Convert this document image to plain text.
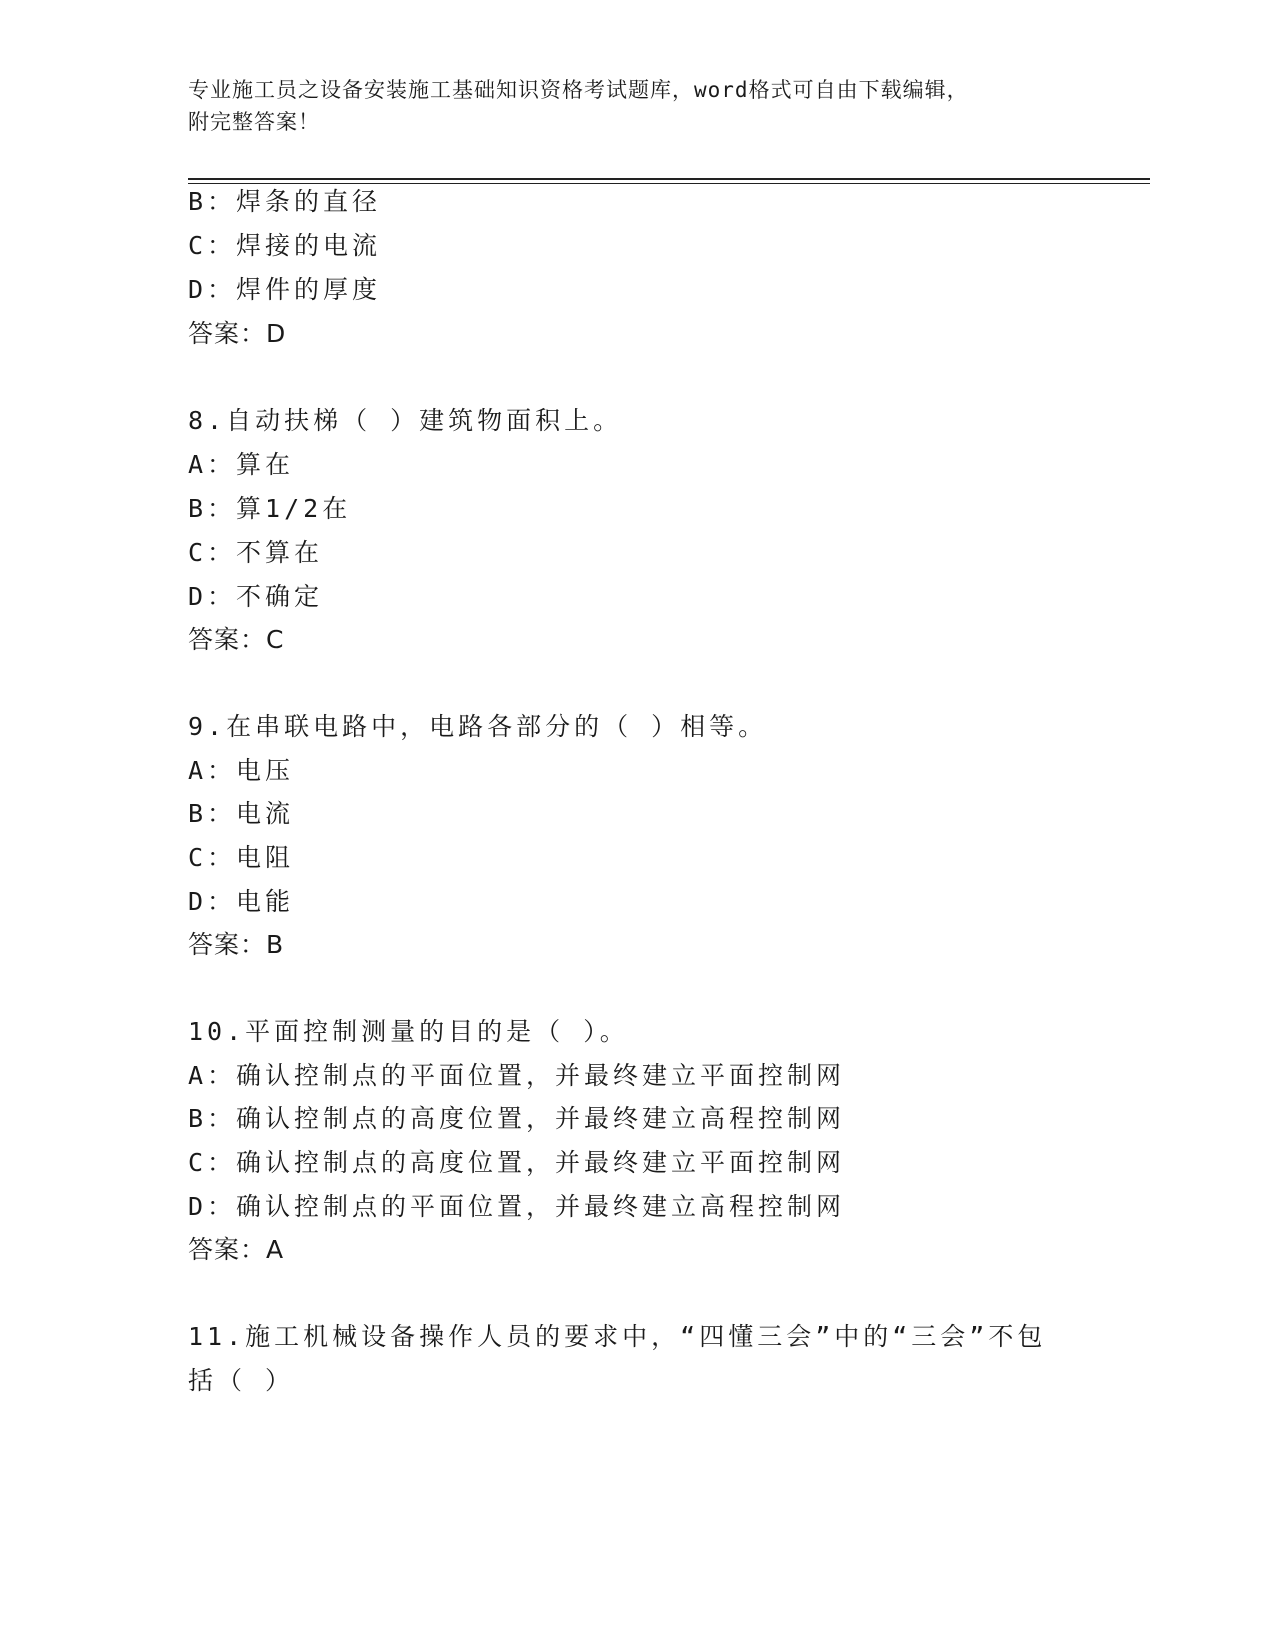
专业施工员之设备安装施工基础知识资格考试题库，word格式可自由下载编辑，
附完整答案！
B：焊条的直径
C：焊接的电流
D：焊件的厚度
答案：D
8.自动扶梯（ ）建筑物面积上。
A：算在
B：算1/2在
C：不算在
D：不确定
答案：C
9.在串联电路中，电路各部分的（ ）相等。
A：电压
B：电流
C：电阻
D：电能
答案：B
10.平面控制测量的目的是（ ）。
A：确认控制点的平面位置，并最终建立平面控制网
B：确认控制点的高度位置，并最终建立高程控制网
C：确认控制点的高度位置，并最终建立平面控制网
D：确认控制点的平面位置，并最终建立高程控制网
答案：A
11.施工机械设备操作人员的要求中，“四懂三会”中的“三会”不包
括（ ）
